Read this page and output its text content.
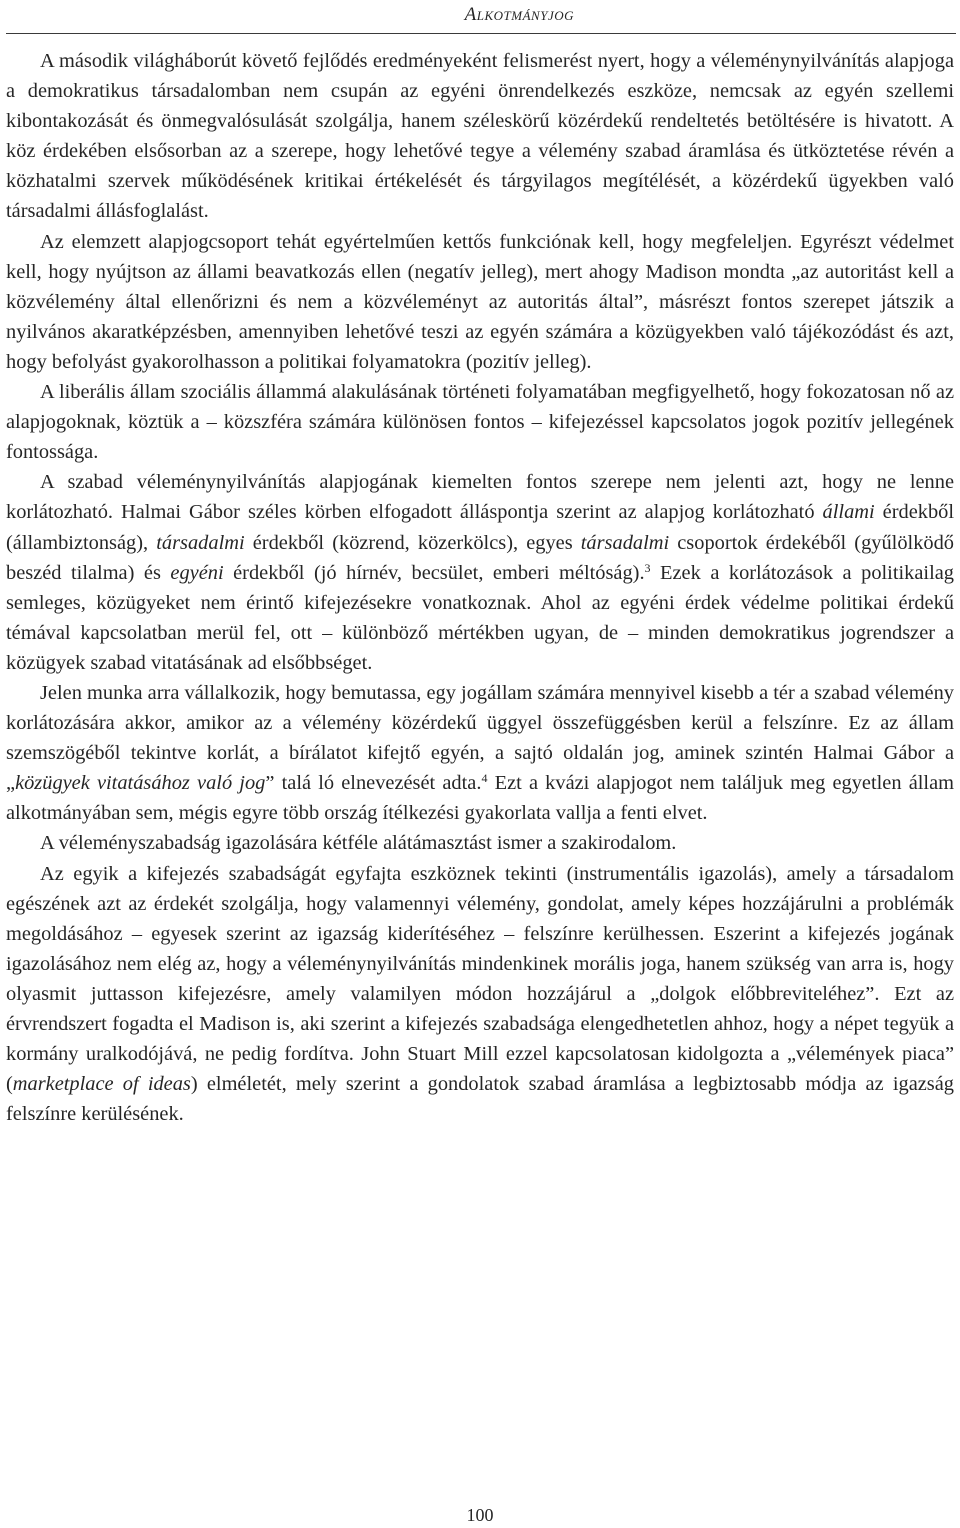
Alkotmányjog

A második világháborút követő fejlődés eredményeként felismerést nyert, hogy a véleménynyilvánítás alapjoga a demokratikus társadalomban nem csupán az egyéni önrendelkezés eszköze, nemcsak az egyén szellemi kibontakozását és önmegvalósulását szolgálja, hanem széleskörű közérdekű rendeltetés betöltésére is hivatott. A köz érdekében elsősorban az a szerepe, hogy lehetővé tegye a vélemény szabad áramlása és ütköztetése révén a közhatalmi szervek működésének kritikai értékelését és tárgyilagos megítélését, a közérdekű ügyekben való társadalmi állásfoglalást.

Az elemzett alapjogcsoport tehát egyértelműen kettős funkciónak kell, hogy megfeleljen. Egyrészt védelmet kell, hogy nyújtson az állami beavatkozás ellen (negatív jelleg), mert ahogy Madison mondta „az autoritást kell a közvélemény által ellenőrizni és nem a közvéleményt az autoritás által”, másrészt fontos szerepet játszik a nyilvános akaratképzésben, amennyiben lehetővé teszi az egyén számára a közügyekben való tájékozódást és azt, hogy befolyást gyakorolhasson a politikai folyamatokra (pozitív jelleg).

A liberális állam szociális állammá alakulásának történeti folyamatában megfigyelhető, hogy fokozatosan nő az alapjogoknak, köztük a – közszféra számára különösen fontos – kifejezéssel kapcsolatos jogok pozitív jellegének fontossága.

A szabad véleménynyilvánítás alapjogának kiemelten fontos szerepe nem jelenti azt, hogy ne lenne korlátozható. Halmai Gábor széles körben elfogadott álláspontja szerint az alapjog korlátozható állami érdekből (állambiztonság), társadalmi érdekből (közrend, közerkölcs), egyes társadalmi csoportok érdekéből (gyűlölködő beszéd tilalma) és egyéni érdekből (jó hírnév, becsület, emberi méltóság).$^3$ Ezek a korlátozások a politikailag semleges, közügyeket nem érintő kifejezésekre vonatkoznak. Ahol az egyéni érdek védelme politikai érdekű témával kapcsolatban merül fel, ott – különböző mértékben ugyan, de – minden demokratikus jogrendszer a közügyek szabad vitatásának ad elsőbbséget.

Jelen munka arra vállalkozik, hogy bemutassa, egy jogállam számára mennyivel kisebb a tér a szabad vélemény korlátozására akkor, amikor az a vélemény közérdekű üggyel összefüggésben kerül a felszínre. Ez az állam szemszögéből tekintve korlát, a bírálatot kifejtő egyén, a sajtó oldalán jog, aminek szintén Halmai Gábor a „közügyek vitatásához való jog” talá ló elnevezését adta.$^4$ Ezt a kvázi alapjogot nem találjuk meg egyetlen állam alkotmányában sem, mégis egyre több ország ítélkezési gyakorlata vallja a fenti elvet.

A véleményszabadság igazolására kétféle alátámasztást ismer a szakirodalom.

Az egyik a kifejezés szabadságát egyfajta eszköznek tekinti (instrumentális igazolás), amely a társadalom egészének azt az érdekét szolgálja, hogy valamennyi vélemény, gondolat, amely képes hozzájárulni a problémák megoldásához – egyesek szerint az igazság kiderítéséhez – felszínre kerülhessen. Eszerint a kifejezés jogának igazolásához nem elég az, hogy a véleménynyilvánítás mindenkinek morális joga, hanem szükség van arra is, hogy olyasmit juttasson kifejezésre, amely valamilyen módon hozzájárul a „dolgok előbbreviteléhez”. Ezt az érvrendszert fogadta el Madison is, aki szerint a kifejezés szabadsága elengedhetetlen ahhoz, hogy a népet tegyük a kormány uralkodójává, ne pedig fordítva. John Stuart Mill ezzel kapcsolatosan kidolgozta a „vélemények piaca” (marketplace of ideas) elméletét, mely szerint a gondolatok szabad áramlása a legbiztosabb módja az igazság felszínre kerülésének.

100
